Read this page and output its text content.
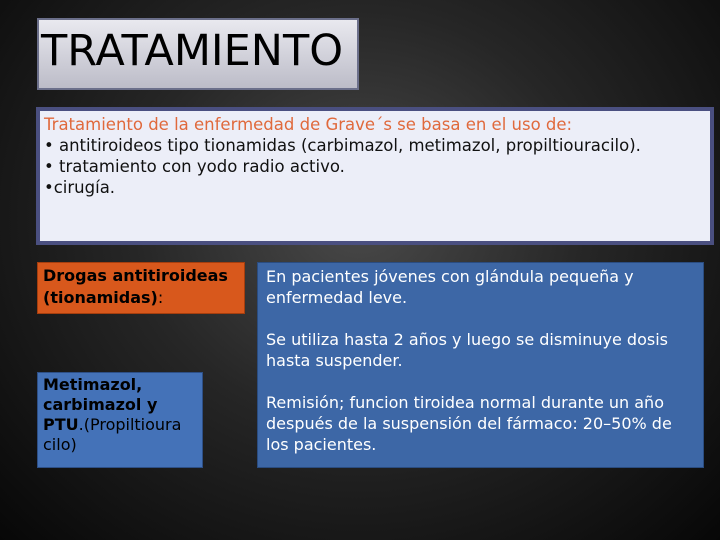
TRATAMIENTO

Tratamiento de la enfermedad de Grave´s se basa en el uso de:

• antitiroideos tipo tionamidas (carbimazol, metimazol, propiltiouracilo).

• tratamiento con yodo radio activo.

•cirugía.

Drogas antitiroideas (tionamidas):
Metimazol, carbimazol y PTU.(Propiltioura cilo)

En pacientes jóvenes con glándula pequeña y enfermedad leve.

Se utiliza hasta 2 años y luego se disminuye dosis hasta suspender.

Remisión; funcion tiroidea normal durante un año después de la suspensión del fármaco: 20–50% de los pacientes.
